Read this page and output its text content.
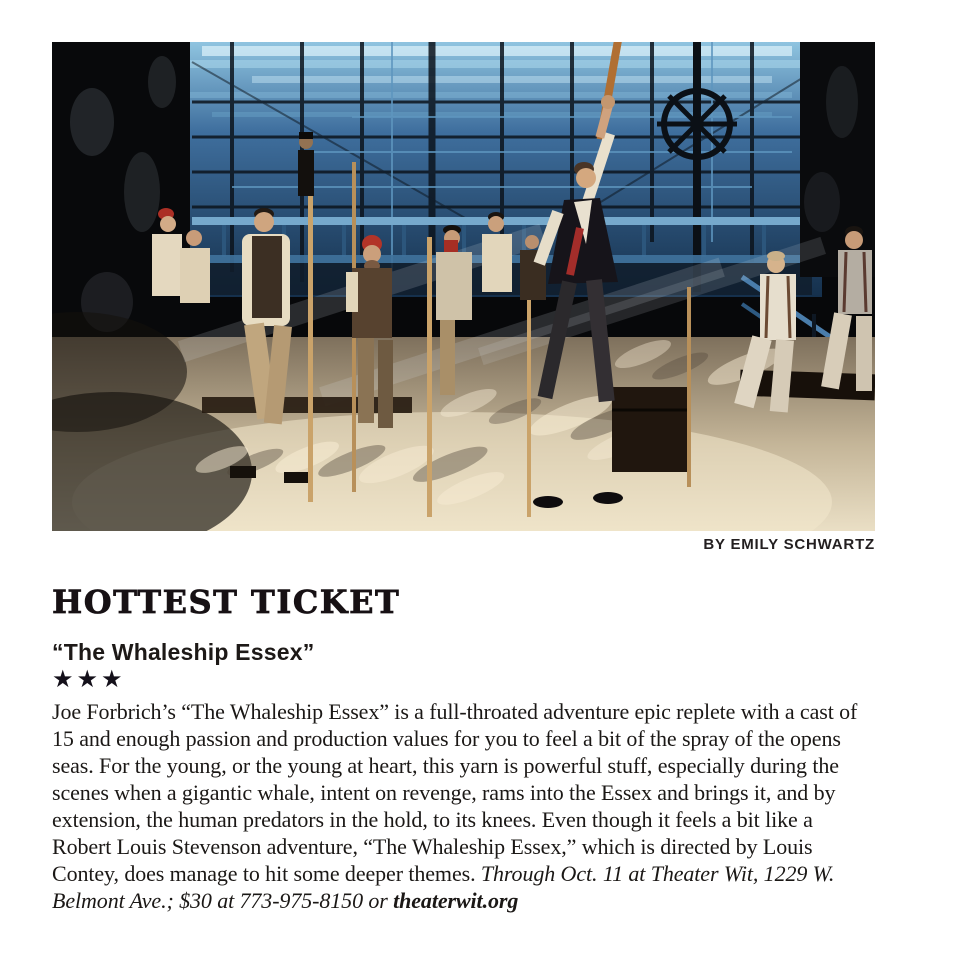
BY EMILY SCHWARTZ
HOTTEST TICKET
“The Whaleship Essex”
★★★

Joe Forbrich’s “The Whaleship Essex” is a full-throated adventure epic replete with a cast of 15 and enough passion and production values for you to feel a bit of the spray of the opens seas. For the young, or the young at heart, this yarn is powerful stuff, especially during the scenes when a gigantic whale, intent on revenge, rams into the Essex and brings it, and by extension, the human predators in the hold, to its knees. Even though it feels a bit like a Robert Louis Stevenson adventure, “The Whaleship Essex,” which is directed by Louis Contey, does manage to hit some deeper themes. Through Oct. 11 at Theater Wit, 1229 W. Belmont Ave.; $30 at 773-975-8150 or theaterwit.org
